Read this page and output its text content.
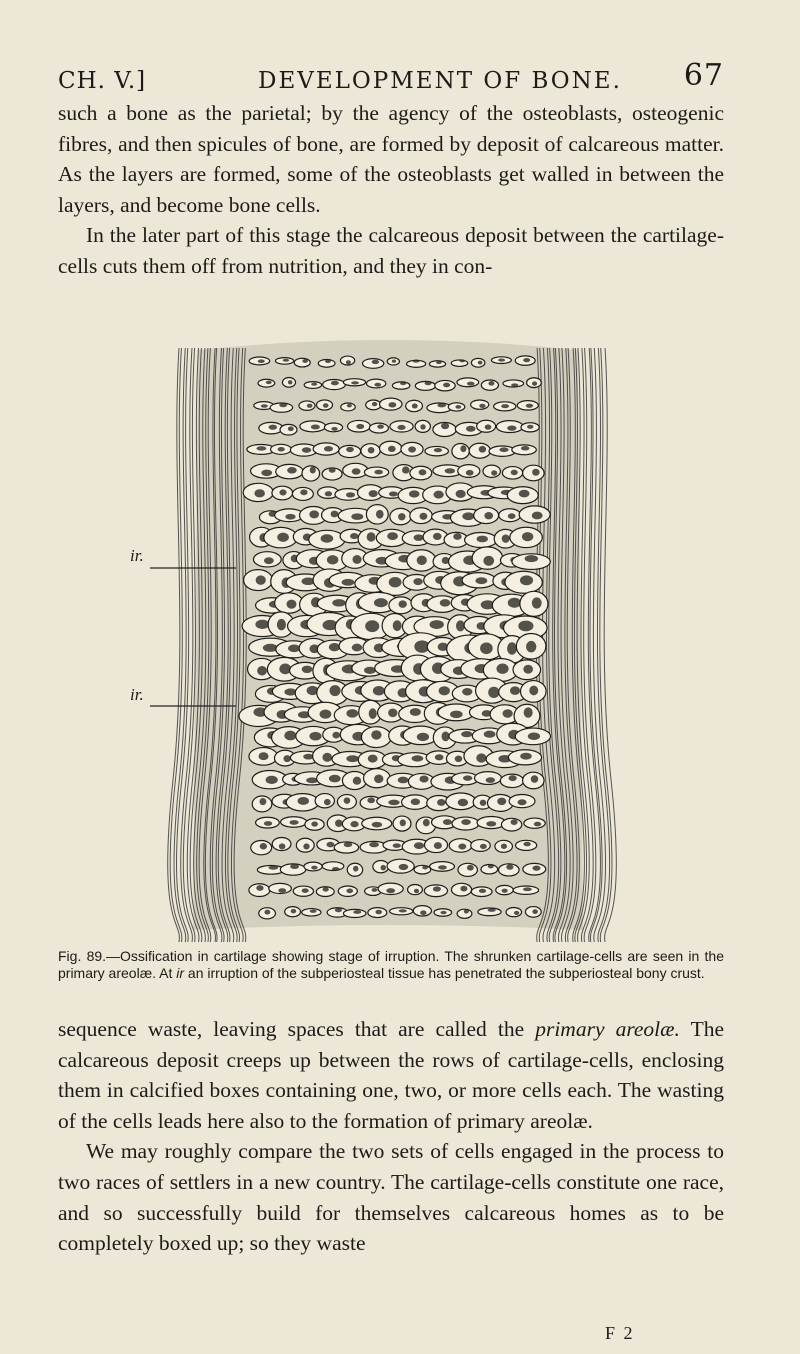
CH. V.]	DEVELOPMENT OF BONE. 67

such a bone as the parietal; by the agency of the osteoblasts, osteogenic fibres, and then spicules of bone, are formed by deposit of calcareous matter. As the layers are formed, some of the osteoblasts get walled in between the layers, and become bone cells.

In the later part of this stage the calcareous deposit between the cartilage-cells cuts them off from nutrition, and they in con-

ir.
ir.
Fig. 89.—Ossification in cartilage showing stage of irruption. The shrunken cartilage-cells are seen in the primary areolæ. At ir an irruption of the subperiosteal tissue has penetrated the subperiosteal bony crust.

sequence waste, leaving spaces that are called the primary areolæ. The calcareous deposit creeps up between the rows of cartilage-cells, enclosing them in calcified boxes containing one, two, or more cells each. The wasting of the cells leads here also to the formation of primary areolæ.

We may roughly compare the two sets of cells engaged in the process to two races of settlers in a new country. The cartilage-cells constitute one race, and so successfully build for themselves calcareous homes as to be completely boxed up; so they waste

F 2
